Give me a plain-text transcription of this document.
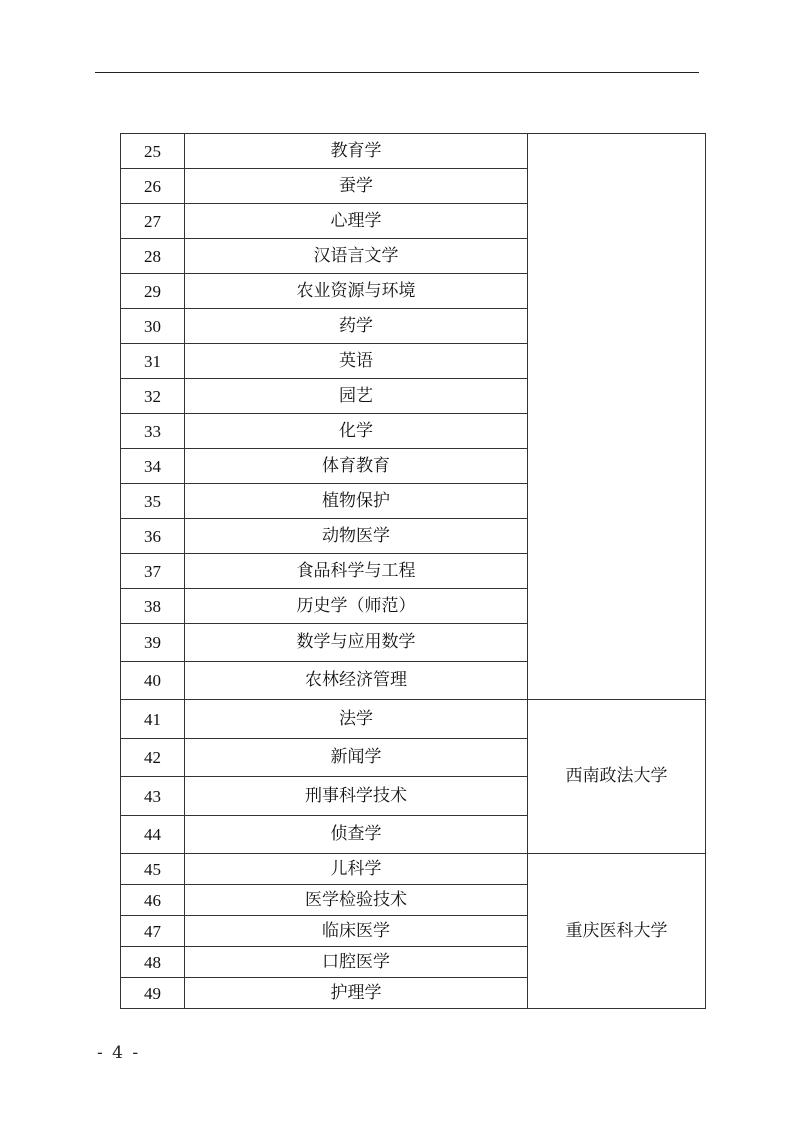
25	教育学	
26	蚕学	
27	心理学	
28	汉语言文学	
29	农业资源与环境	
30	药学	
31	英语	
32	园艺	
33	化学	
34	体育教育	
35	植物保护	
36	动物医学	
37	食品科学与工程	
38	历史学（师范）	
39	数学与应用数学	
40	农林经济管理	
41	法学	西南政法大学
42	新闻学	
43	刑事科学技术	
44	侦查学	
45	儿科学	重庆医科大学
46	医学检验技术	
47	临床医学	
48	口腔医学	
49	护理学	
- 4 -
